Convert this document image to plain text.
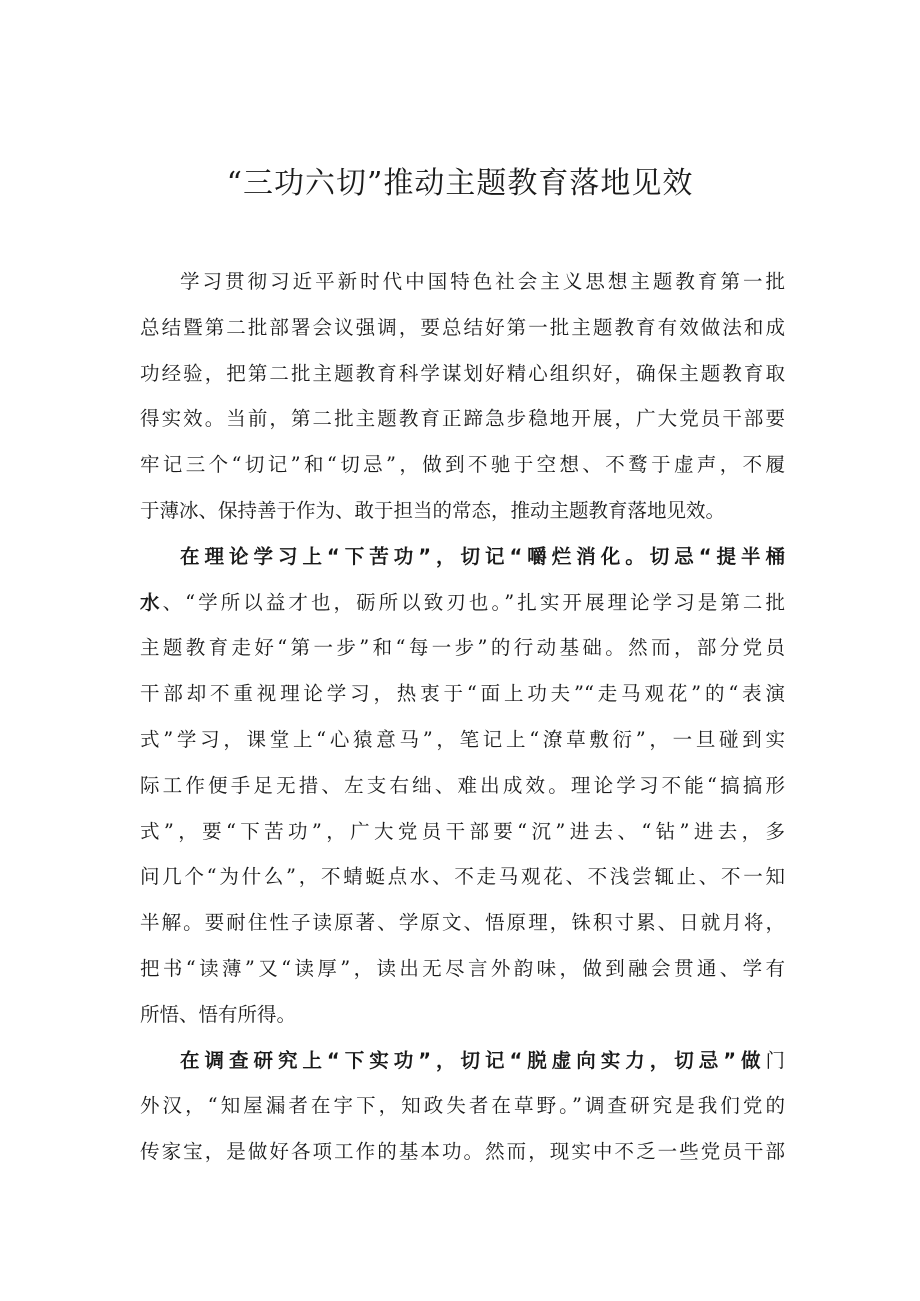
“三功六切”推动主题教育落地见效
学习贯彻习近平新时代中国特色社会主义思想主题教育第一批
总结暨第二批部署会议强调，要总结好第一批主题教育有效做法和成
功经验，把第二批主题教育科学谋划好精心组织好，确保主题教育取
得实效。当前，第二批主题教育正蹄急步稳地开展，广大党员干部要
牢记三个“切记”和“切忌”，做到不驰于空想、不鹜于虚声，不履
于薄冰、保持善于作为、敢于担当的常态，推动主题教育落地见效。
在理论学习上“下苦功”，切记“嚼烂消化。切忌“提半桶
水、“学所以益才也，砺所以致刃也。”扎实开展理论学习是第二批
主题教育走好“第一步”和“每一步”的行动基础。然而，部分党员
干部却不重视理论学习，热衷于“面上功夫”“走马观花”的“表演
式”学习，课堂上“心猿意马”，笔记上“潦草敷衍”，一旦碰到实
际工作便手足无措、左支右绌、难出成效。理论学习不能“搞搞形
式”，要“下苦功”，广大党员干部要“沉”进去、“钻”进去，多
问几个“为什么”，不蜻蜓点水、不走马观花、不浅尝辄止、不一知
半解。要耐住性子读原著、学原文、悟原理，铢积寸累、日就月将，
把书“读薄”又“读厚”，读出无尽言外韵味，做到融会贯通、学有
所悟、悟有所得。
在调查研究上“下实功”，切记“脱虚向实力，切忌”做门
外汉，“知屋漏者在宇下，知政失者在草野。”调查研究是我们党的
传家宝，是做好各项工作的基本功。然而，现实中不乏一些党员干部
